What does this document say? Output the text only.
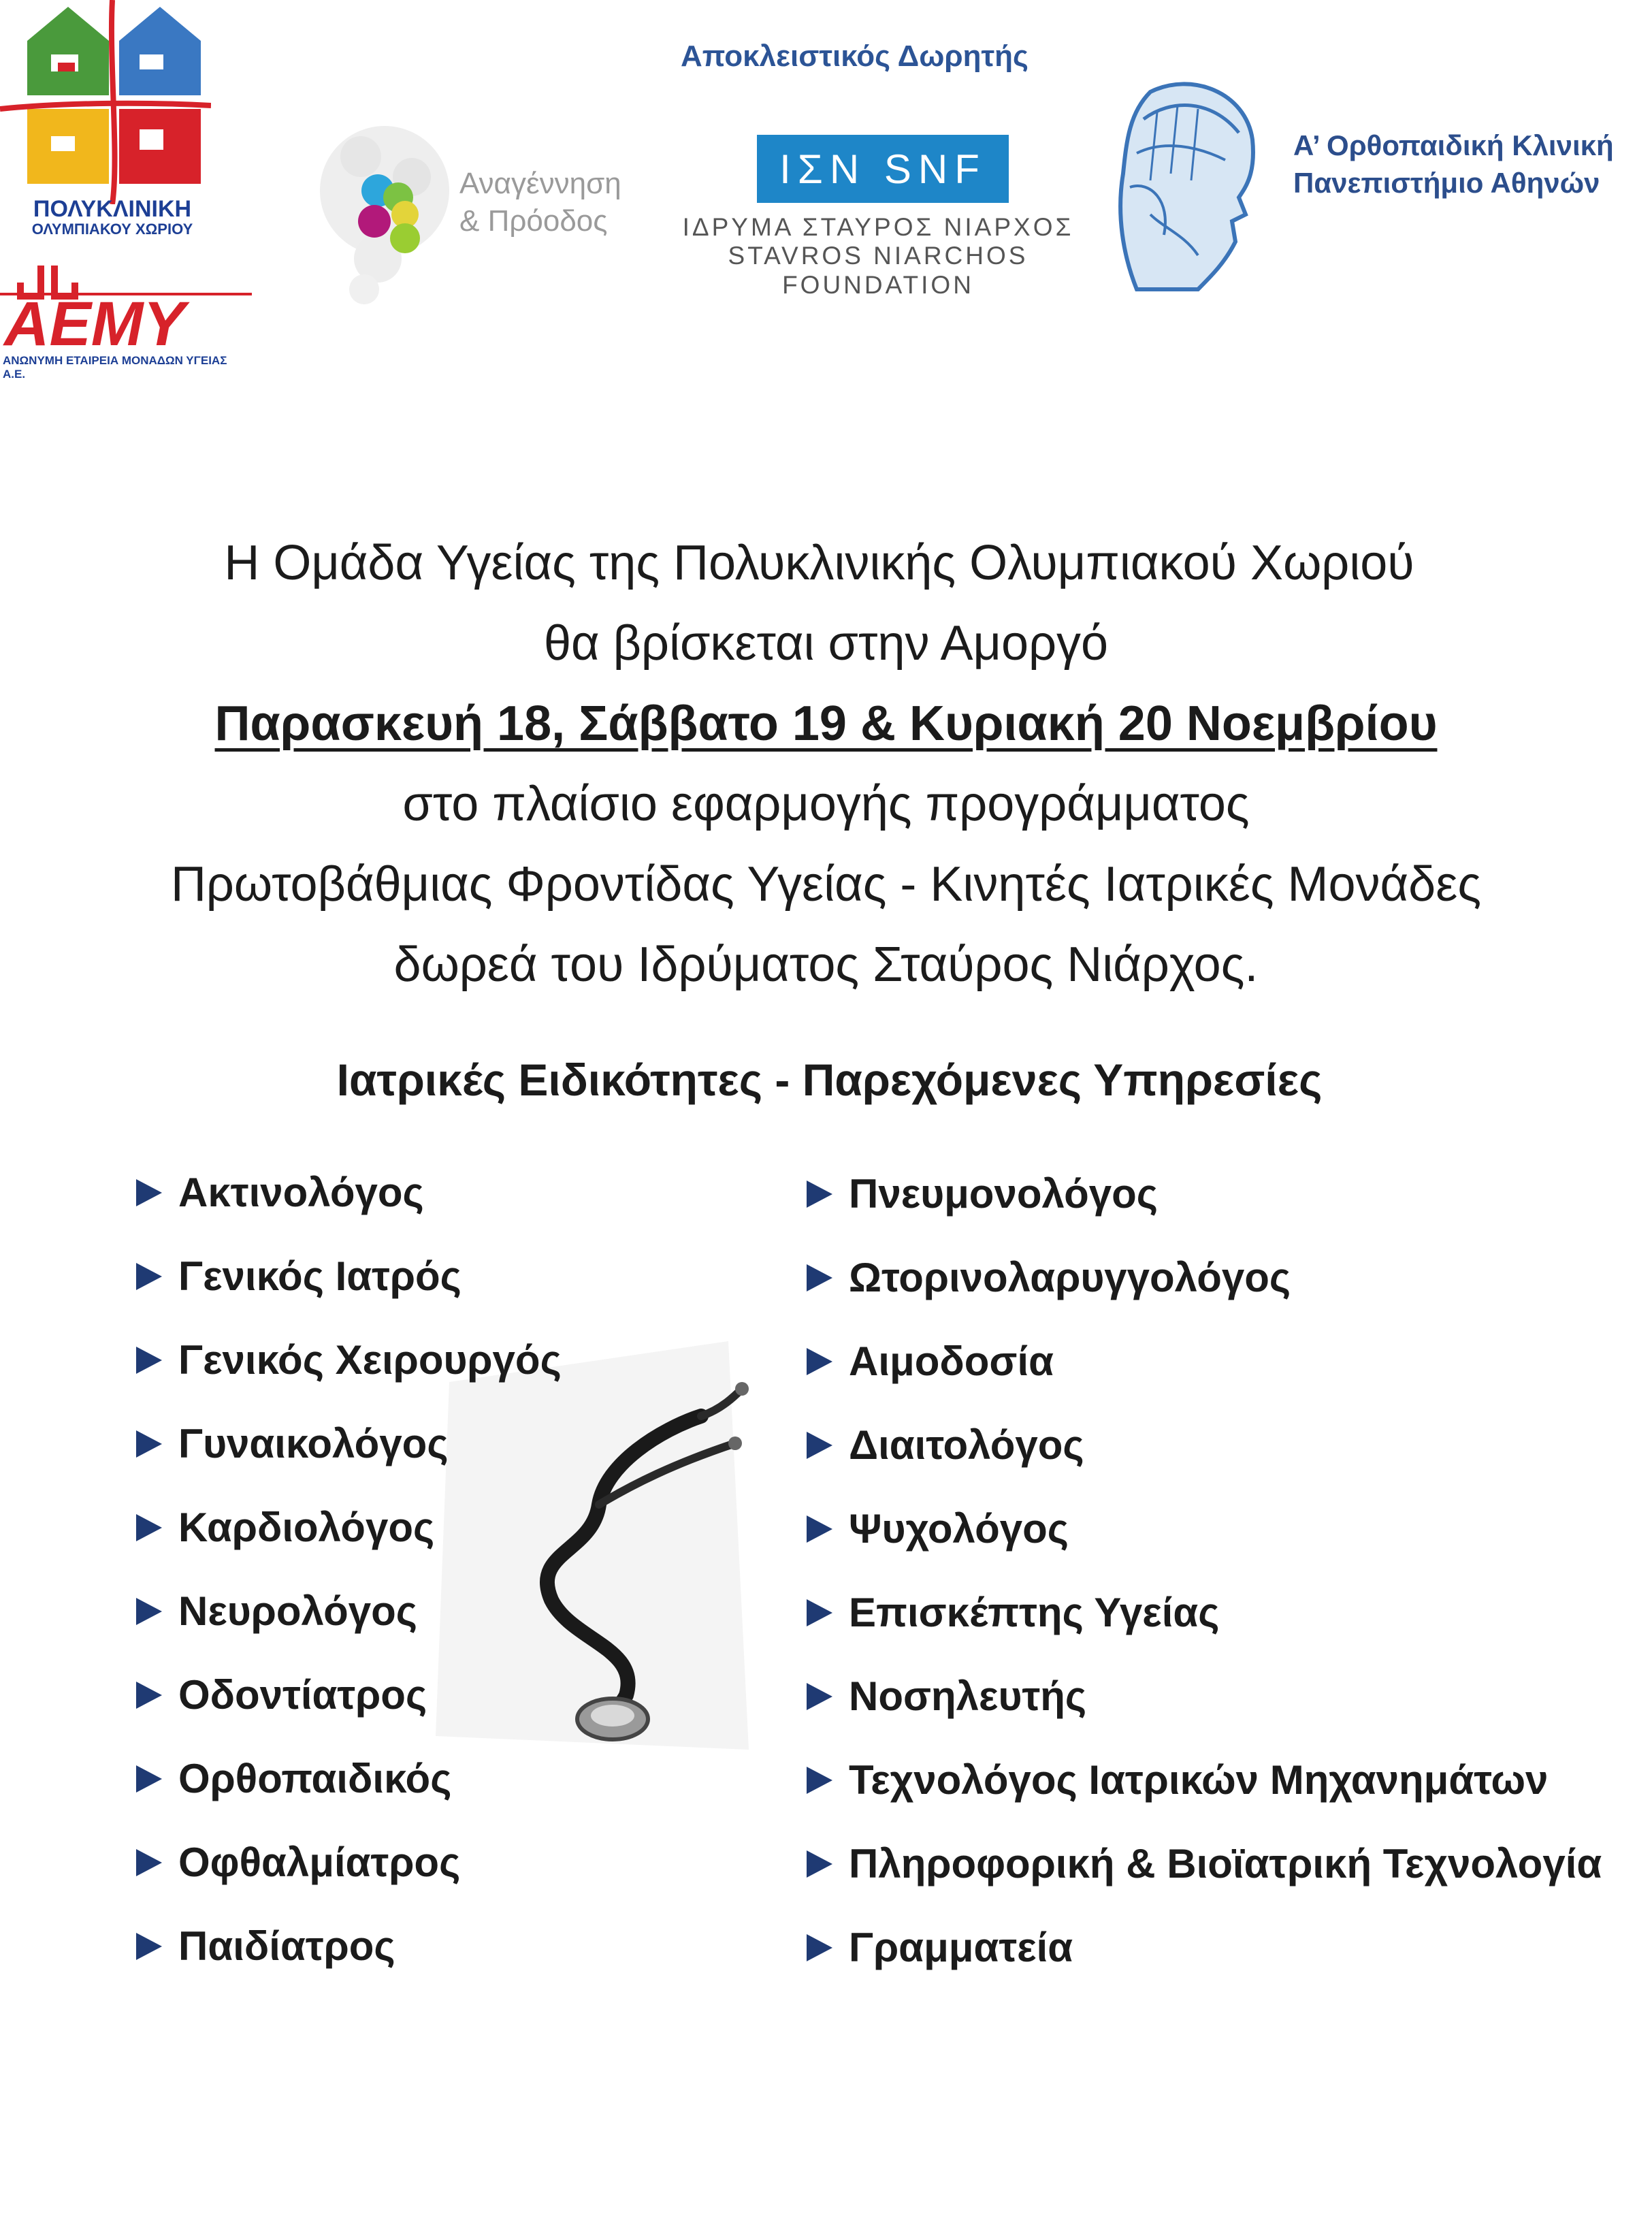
ΠΟΛΥΚΛΙΝΙΚΗ
ΟΛΥΜΠΙΑΚΟΥ ΧΩΡΙΟΥ
AEMY
ΑΝΩΝΥΜΗ ΕΤΑΙΡΕΙΑ ΜΟΝΑΔΩΝ ΥΓΕΙΑΣ Α.Ε.
Αναγέννηση
& Πρόοδος
Αποκλειστικός Δωρητής
ΙΣΝ SNF
ΙΔΡΥΜΑ ΣΤΑΥΡΟΣ ΝΙΑΡΧΟΣ
STAVROS NIARCHOS
FOUNDATION
Α’ Ορθοπαιδική Κλινική
Πανεπιστήμιο Αθηνών
Η Ομάδα Υγείας της Πολυκλινικής Ολυμπιακού Χωριού
θα βρίσκεται στην Αμοργό
Παρασκευή 18, Σάββατο 19 & Κυριακή 20 Νοεμβρίου
στο πλαίσιο εφαρμογής προγράμματος
Πρωτοβάθμιας Φροντίδας Υγείας - Κινητές Ιατρικές Μονάδες
δωρεά του Ιδρύματος Σταύρος Νιάρχος.
Ιατρικές Ειδικότητες - Παρεχόμενες Υπηρεσίες
Ακτινολόγος
Γενικός Ιατρός
Γενικός Χειρουργός
Γυναικολόγος
Καρδιολόγος
Νευρολόγος
Οδοντίατρος
Ορθοπαιδικός
Οφθαλμίατρος
Παιδίατρος
Πνευμονολόγος
Ωτορινολαρυγγολόγος
Αιμοδοσία
Διαιτολόγος
Ψυχολόγος
Επισκέπτης Υγείας
Νοσηλευτής
Τεχνολόγος Ιατρικών Μηχανημάτων
Πληροφορική & Βιοϊατρική Τεχνολογία
Γραμματεία
